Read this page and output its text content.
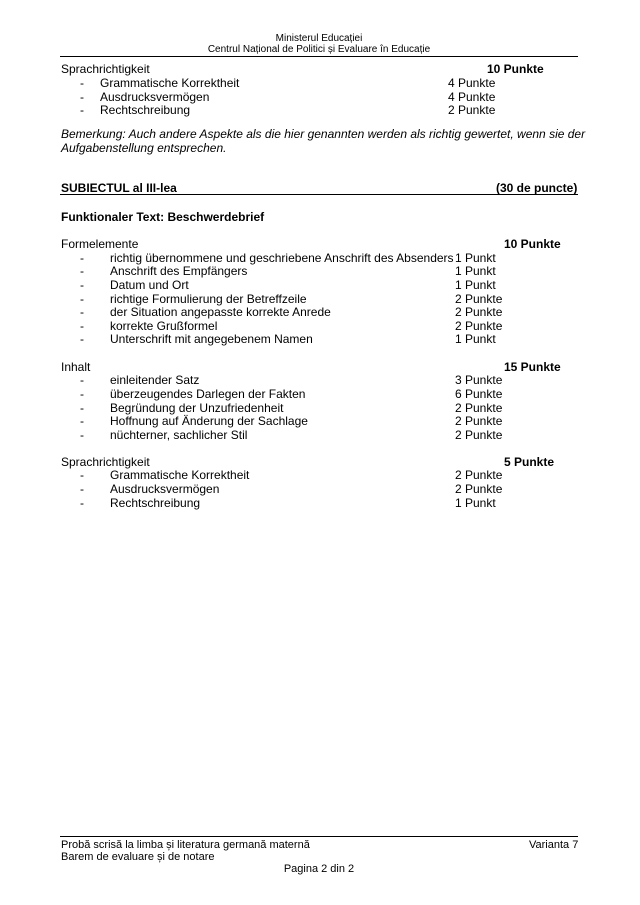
Ministerul Educației
Centrul Național de Politici și Evaluare în Educație
Sprachrichtigkeit	10 Punkte
- Grammatische Korrektheit	4 Punkte
- Ausdrucksvermögen	4 Punkte
- Rechtschreibung	2 Punkte
Bemerkung: Auch andere Aspekte als die hier genannten werden als richtig gewertet, wenn sie der
Aufgabenstellung entsprechen.
SUBIECTUL al III-lea	(30 de puncte)
Funktionaler Text: Beschwerdebrief
Formelemente	10 Punkte
- richtig übernommene und geschriebene Anschrift des Absenders 1 Punkt
- Anschrift des Empfängers	1 Punkt
- Datum und Ort	1 Punkt
- richtige Formulierung der Betreffzeile	2 Punkte
- der Situation angepasste korrekte Anrede	2 Punkte
- korrekte Grußformel	2 Punkte
- Unterschrift mit angegebenem Namen	1 Punkt
Inhalt	15 Punkte
- einleitender Satz	3 Punkte
- überzeugendes Darlegen der Fakten	6 Punkte
- Begründung der Unzufriedenheit	2 Punkte
- Hoffnung auf Änderung der Sachlage	2 Punkte
- nüchterner, sachlicher Stil	2 Punkte
Sprachrichtigkeit	5 Punkte
- Grammatische Korrektheit	2 Punkte
- Ausdrucksvermögen	2 Punkte
- Rechtschreibung	1 Punkt
Probă scrisă la limba și literatura germană maternă	Varianta 7
Barem de evaluare și de notare
Pagina 2 din 2
